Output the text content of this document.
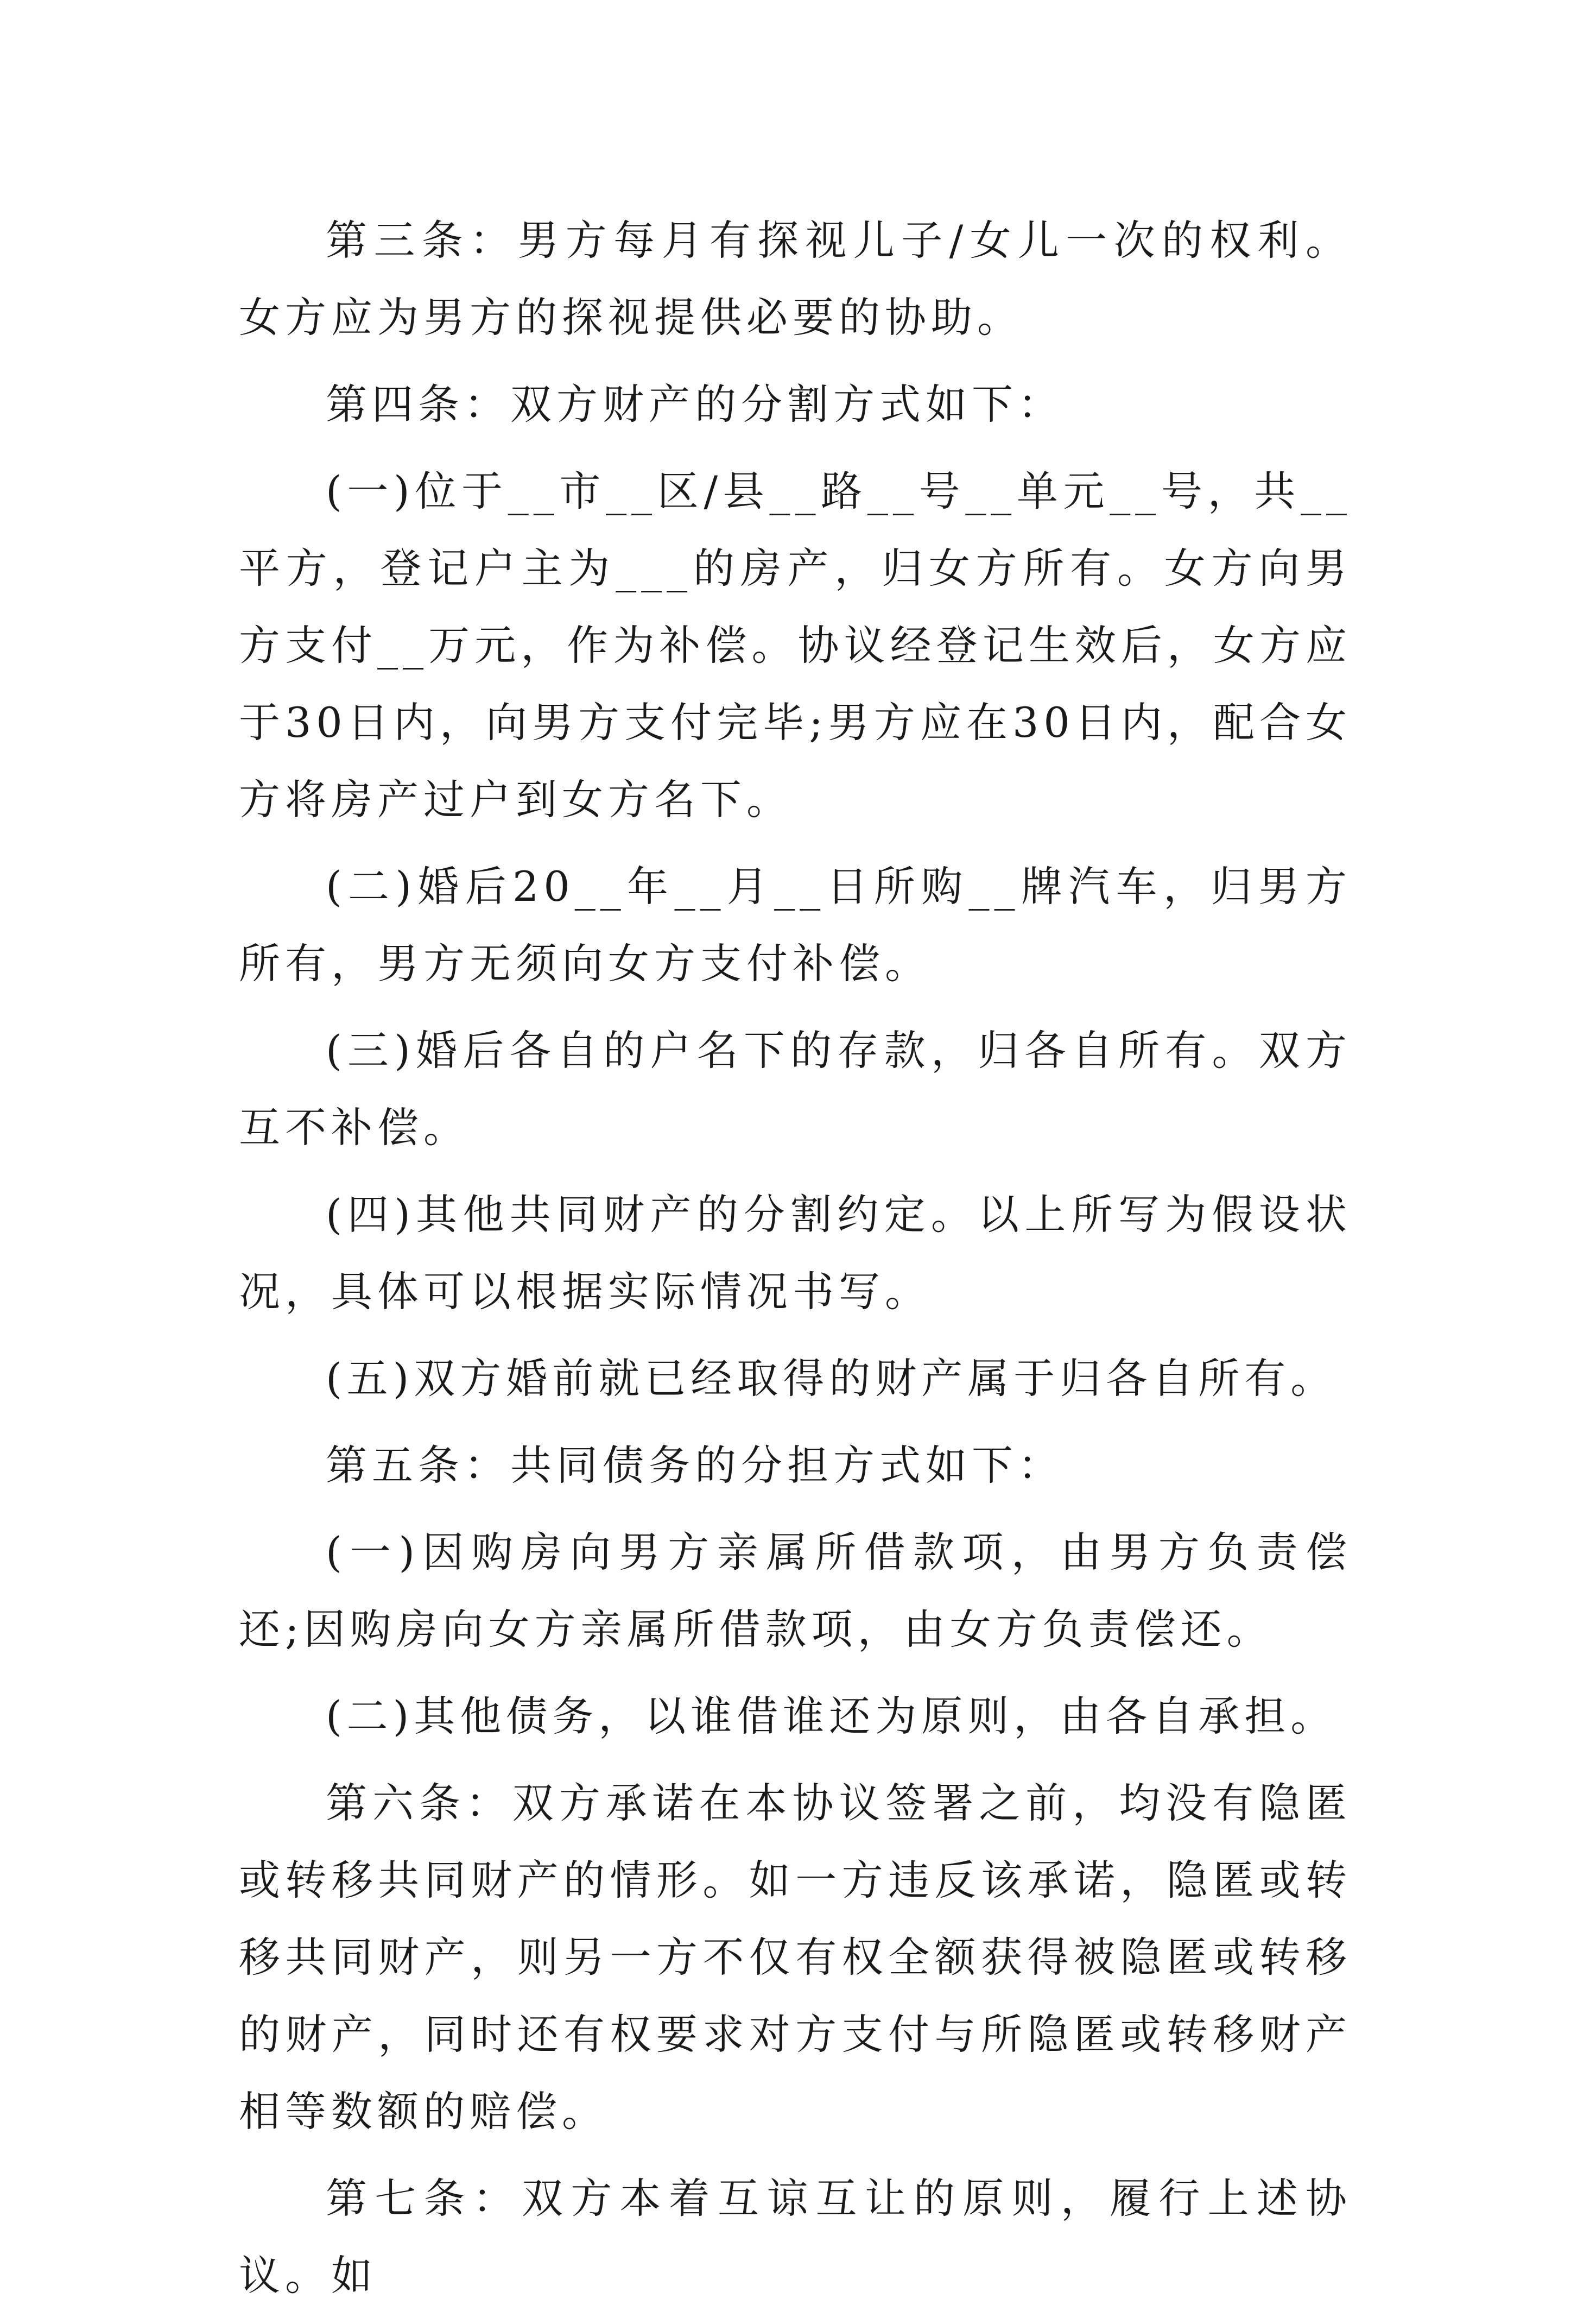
第三条：男方每月有探视儿子/女儿一次的权利。女方应为男方的探视提供必要的协助。

第四条：双方财产的分割方式如下：

(一)位于__市__区/县__路__号__单元__号，共__平方，登记户主为___的房产，归女方所有。女方向男方支付__万元，作为补偿。协议经登记生效后，女方应于30日内，向男方支付完毕;男方应在30日内，配合女方将房产过户到女方名下。

(二)婚后20__年__月__日所购__牌汽车，归男方所有，男方无须向女方支付补偿。

(三)婚后各自的户名下的存款，归各自所有。双方互不补偿。

(四)其他共同财产的分割约定。以上所写为假设状况，具体可以根据实际情况书写。

(五)双方婚前就已经取得的财产属于归各自所有。

第五条：共同债务的分担方式如下：

(一)因购房向男方亲属所借款项，由男方负责偿还;因购房向女方亲属所借款项，由女方负责偿还。

(二)其他债务，以谁借谁还为原则，由各自承担。

第六条：双方承诺在本协议签署之前，均没有隐匿或转移共同财产的情形。如一方违反该承诺，隐匿或转移共同财产，则另一方不仅有权全额获得被隐匿或转移的财产，同时还有权要求对方支付与所隐匿或转移财产相等数额的赔偿。

第七条：双方本着互谅互让的原则，履行上述协议。如
